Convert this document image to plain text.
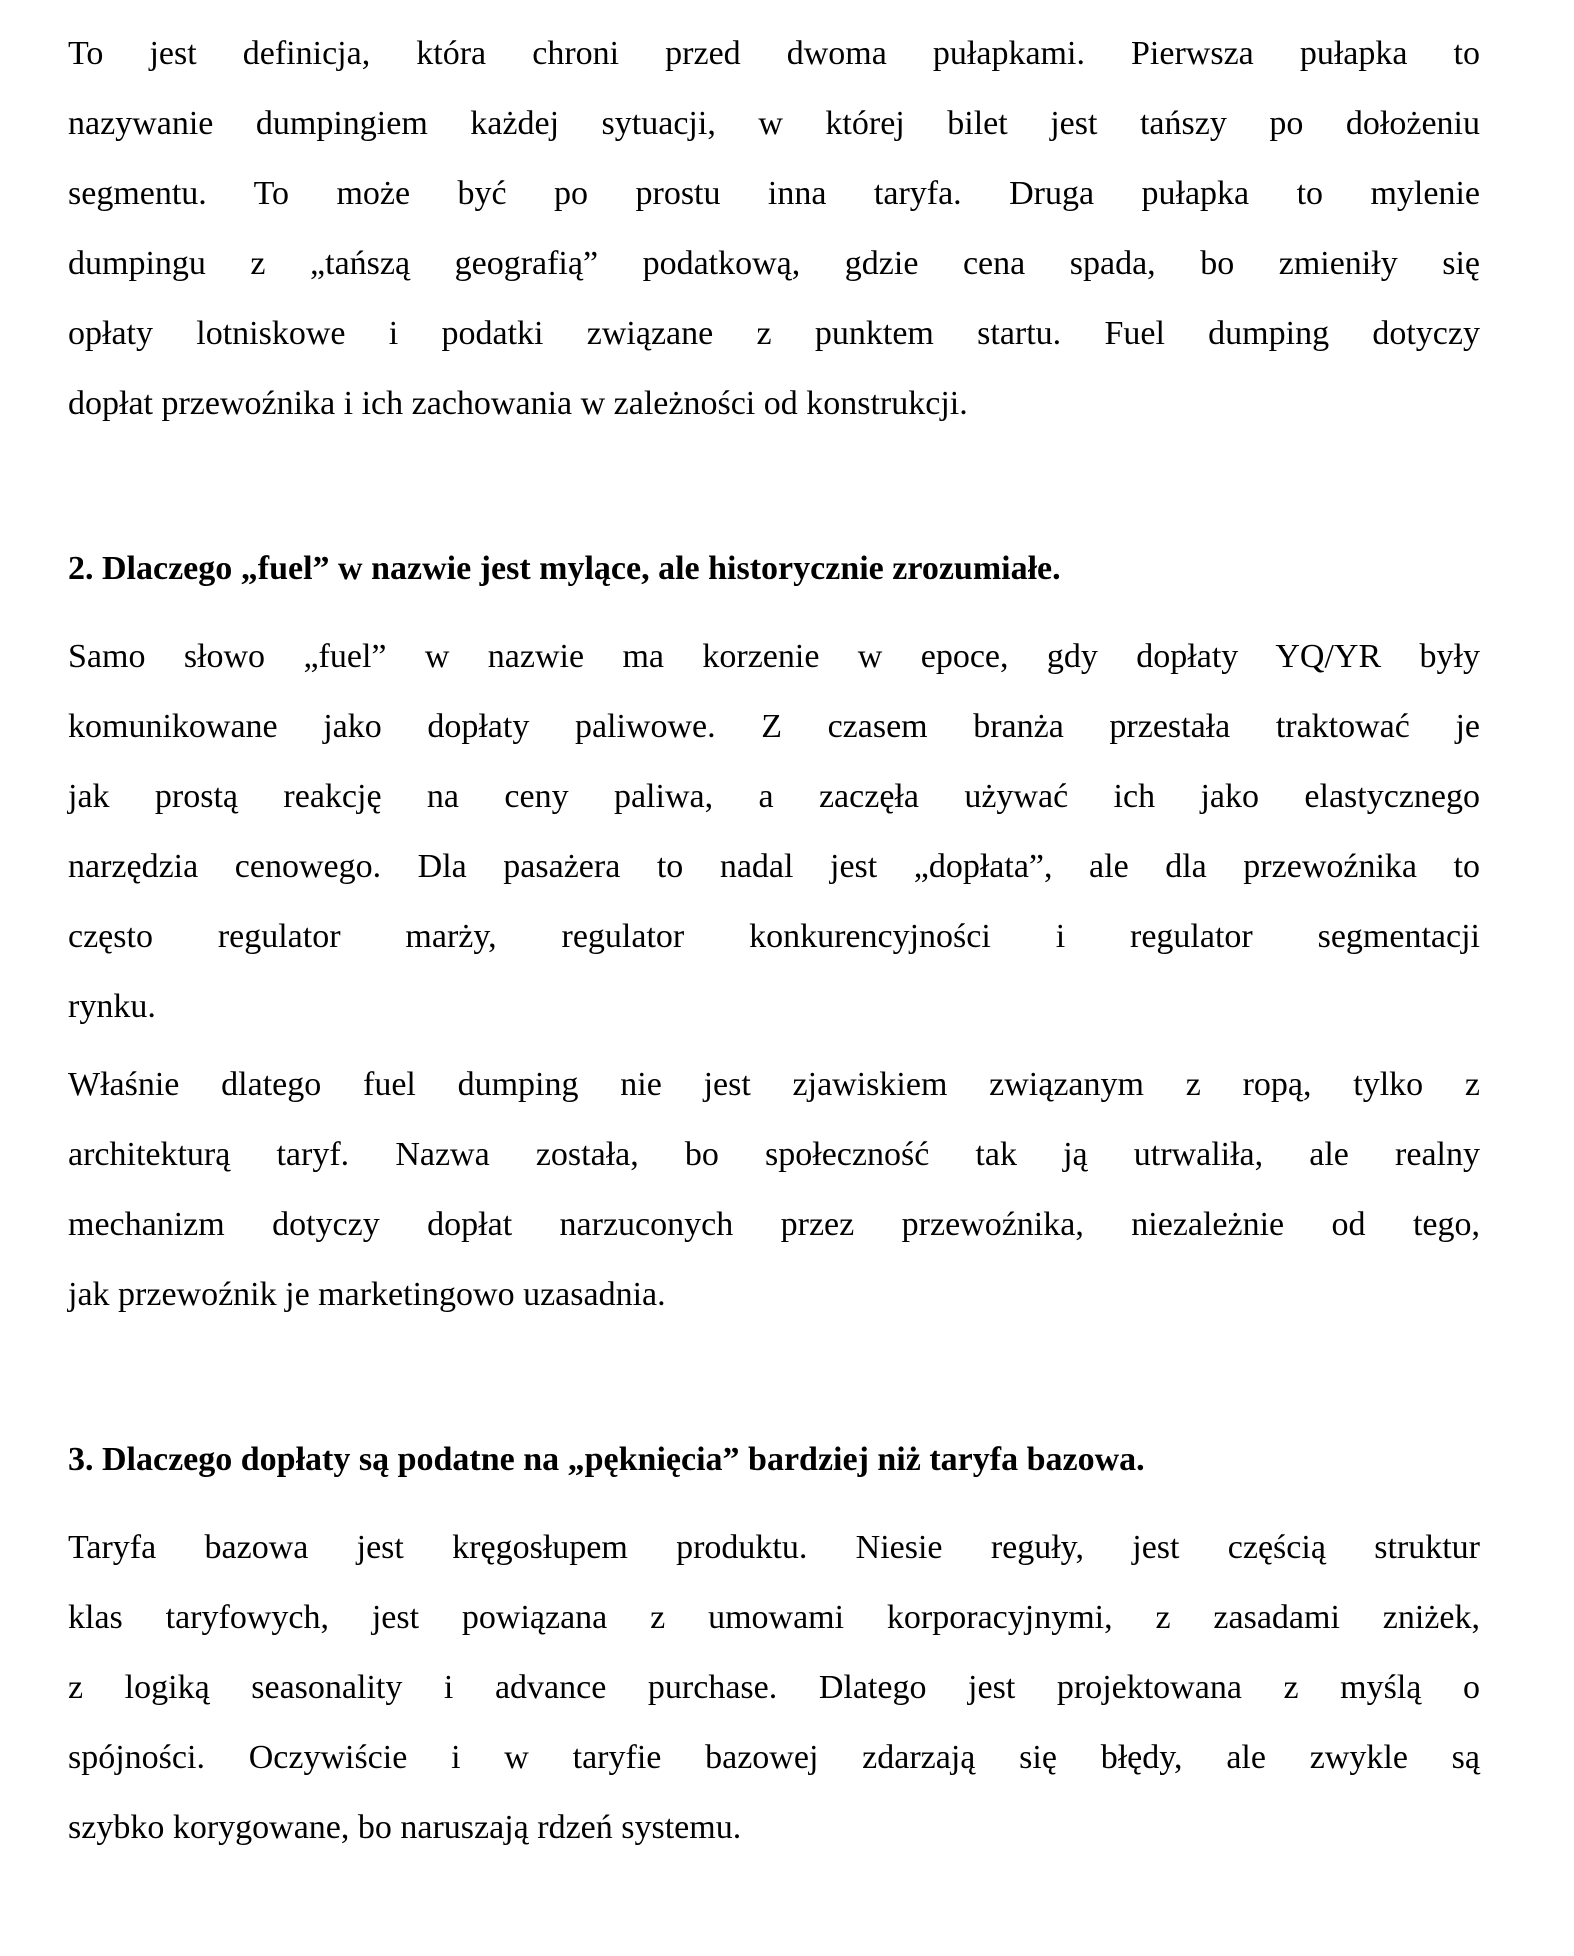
To jest definicja, która chroni przed dwoma pułapkami. Pierwsza pułapka to
nazywanie dumpingiem każdej sytuacji, w której bilet jest tańszy po dołożeniu
segmentu. To może być po prostu inna taryfa. Druga pułapka to mylenie
dumpingu z „tańszą geografią” podatkową, gdzie cena spada, bo zmieniły się
opłaty lotniskowe i podatki związane z punktem startu. Fuel dumping dotyczy
dopłat przewoźnika i ich zachowania w zależności od konstrukcji.
2. Dlaczego „fuel” w nazwie jest mylące, ale historycznie zrozumiałe.
Samo słowo „fuel” w nazwie ma korzenie w epoce, gdy dopłaty YQ/YR były
komunikowane jako dopłaty paliwowe. Z czasem branża przestała traktować je
jak prostą reakcję na ceny paliwa, a zaczęła używać ich jako elastycznego
narzędzia cenowego. Dla pasażera to nadal jest „dopłata”, ale dla przewoźnika to
często regulator marży, regulator konkurencyjności i regulator segmentacji
rynku.
Właśnie dlatego fuel dumping nie jest zjawiskiem związanym z ropą, tylko z
architekturą taryf. Nazwa została, bo społeczność tak ją utrwaliła, ale realny
mechanizm dotyczy dopłat narzuconych przez przewoźnika, niezależnie od tego,
jak przewoźnik je marketingowo uzasadnia.
3. Dlaczego dopłaty są podatne na „pęknięcia” bardziej niż taryfa bazowa.
Taryfa bazowa jest kręgosłupem produktu. Niesie reguły, jest częścią struktur
klas taryfowych, jest powiązana z umowami korporacyjnymi, z zasadami zniżek,
z logiką seasonality i advance purchase. Dlatego jest projektowana z myślą o
spójności. Oczywiście i w taryfie bazowej zdarzają się błędy, ale zwykle są
szybko korygowane, bo naruszają rdzeń systemu.
